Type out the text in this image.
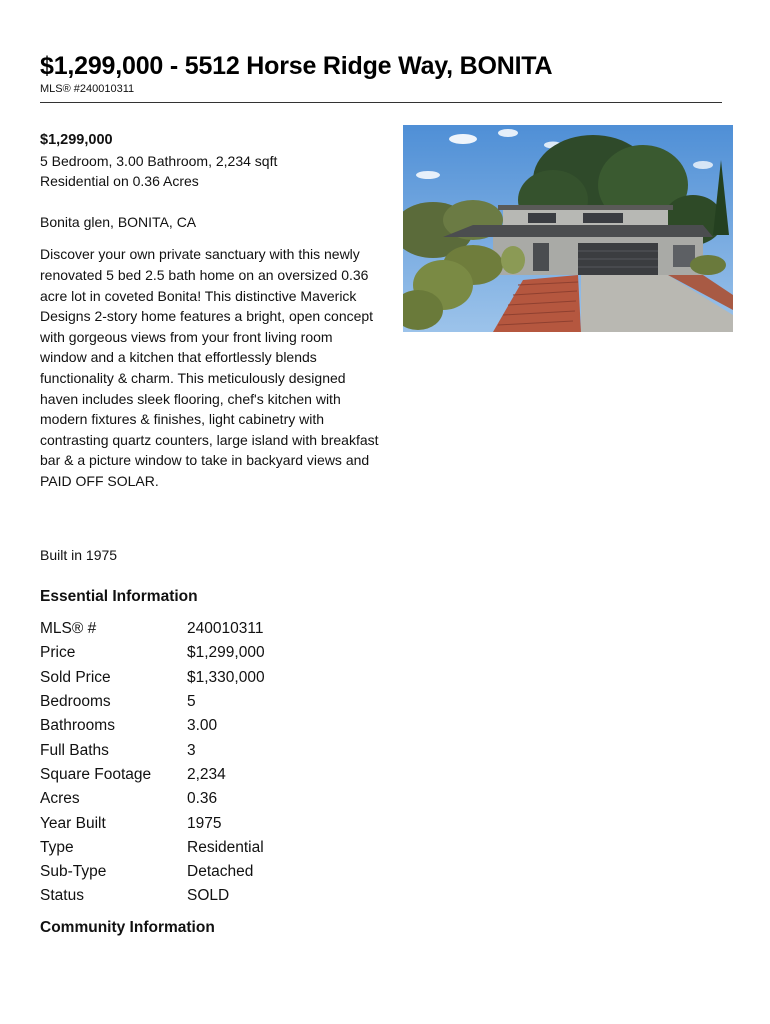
$1,299,000 - 5512 Horse Ridge Way, BONITA
MLS® #240010311
$1,299,000
5 Bedroom, 3.00 Bathroom, 2,234 sqft
Residential on 0.36 Acres
Bonita glen, BONITA, CA
Discover your own private sanctuary with this newly renovated 5 bed 2.5 bath home on an oversized 0.36 acre lot in coveted Bonita! This distinctive Maverick Designs 2-story home features a bright, open concept with gorgeous views from your front living room window and a kitchen that effortlessly blends functionality & charm. This meticulously designed haven includes sleek flooring, chef's kitchen with modern fixtures & finishes, light cabinetry with contrasting quartz counters, large island with breakfast bar & a picture window to take in backyard views and PAID OFF SOLAR.
Built in 1975
Essential Information
MLS® #	240010311
Price	$1,299,000
Sold Price	$1,330,000
Bedrooms	5
Bathrooms	3.00
Full Baths	3
Square Footage	2,234
Acres	0.36
Year Built	1975
Type	Residential
Sub-Type	Detached
Status	SOLD
Community Information
